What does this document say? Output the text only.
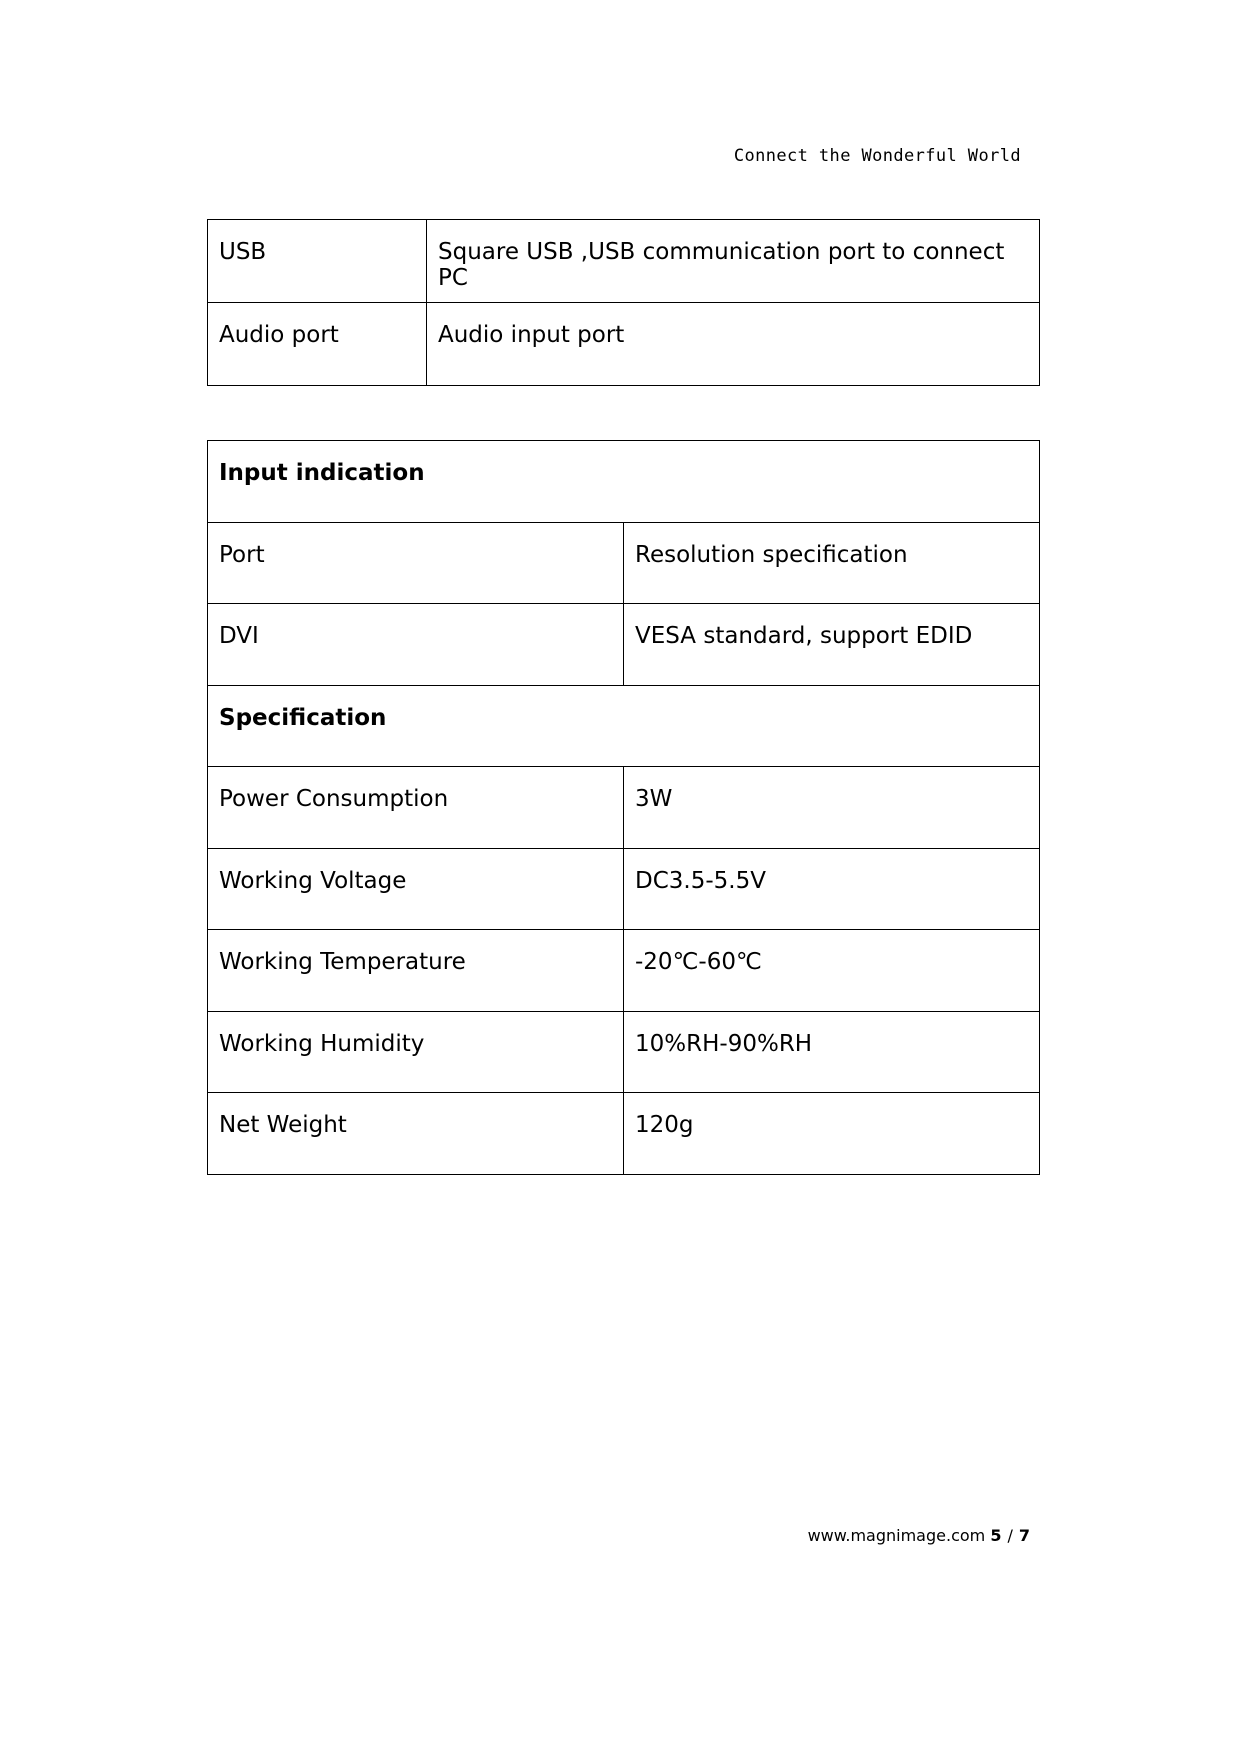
Connect the Wonderful World
USB	Square USB ,USB communication port to connect PC
Audio port	Audio input port
Input indication	
Port	Resolution specification
DVI	VESA standard, support EDID
Specification	
Power Consumption	3W
Working Voltage	DC3.5-5.5V
Working Temperature	-20℃-60℃
Working Humidity	10%RH-90%RH
Net Weight	120g
www.magnimage.com 5 / 7
